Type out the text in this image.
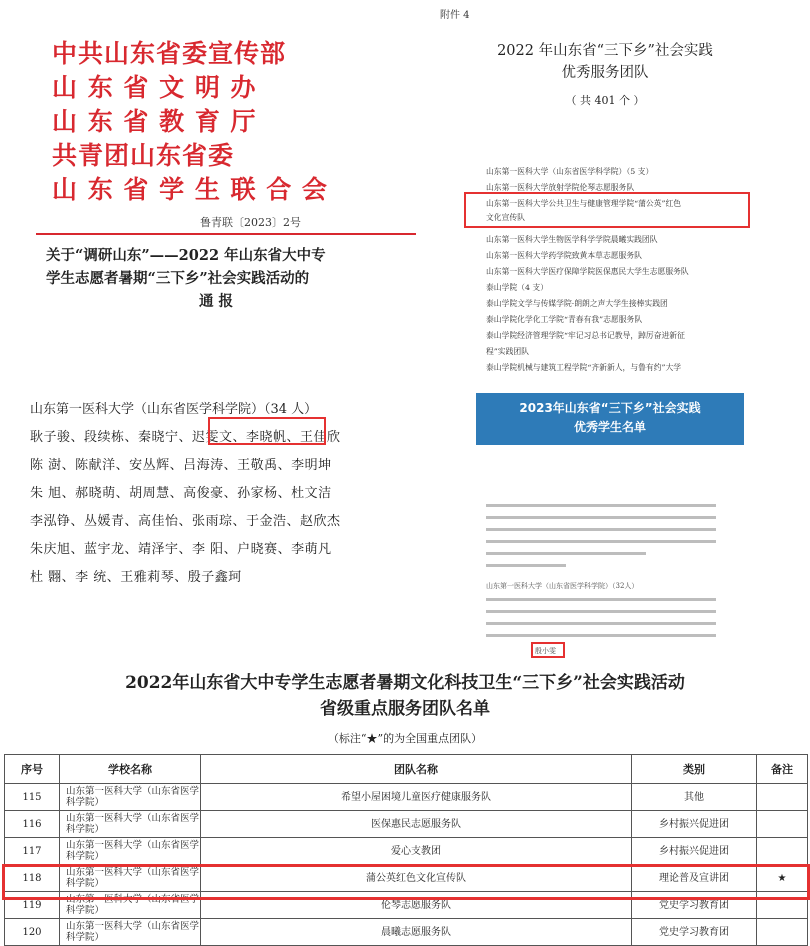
附件 4
中共山东省委宣传部
山 东 省 文 明 办
山 东 省 教 育 厅
共青团山东省委
山 东 省 学 生 联 合 会
鲁青联〔2023〕2号
关于“调研山东”——2022 年山东省大中专
学生志愿者暑期“三下乡”社会实践活动的
通 报
山东第一医科大学（山东省医学科学院）（34 人）
耿子骏、段续栋、秦晓宁、迟雯文、李晓帆、王佳欣
陈 澍、陈献洋、安丛辉、吕海涛、王敬禹、李明坤
朱 旭、郝晓萌、胡周慧、高俊豪、孙家杨、杜文洁
李泓铮、丛媛青、高佳怡、张雨琮、于金浩、赵欣杰
朱庆旭、蓝宇龙、靖泽宇、李 阳、户晓赛、李萌凡
杜 翾、李 统、王雅莉琴、殷子鑫珂
2022 年山东省“三下乡”社会实践
优秀服务团队
（ 共 401 个 ）
山东第一医科大学（山东省医学科学院）（5 支）
山东第一医科大学放射学院伦琴志愿服务队
山东第一医科大学公共卫生与健康管理学院“蒲公英”红色
文化宣传队
山东第一医科大学生物医学科学学院晨曦实践团队
山东第一医科大学药学院致黄本草志愿服务队
山东第一医科大学医疗保障学院医保惠民大学生志愿服务队
泰山学院（4 支）
泰山学院文学与传媒学院·朗朗之声大学生接棒实践团
泰山学院化学化工学院“青春有我”志愿服务队
泰山学院经济管理学院“牢记习总书记教导，踔厉奋进新征
程”实践团队
泰山学院机械与建筑工程学院“齐新新人，与鲁有约”大学
2023年山东省“三下乡”社会实践
优秀学生名单
山东第一医科大学（山东省医学科学院）（32人）
殷小雯
2022年山东省大中专学生志愿者暑期文化科技卫生“三下乡”社会实践活动
省级重点服务团队名单
（标注“★”的为全国重点团队）
序号	学校名称	团队名称	类别	备注
115	山东第一医科大学（山东省医学科学院）	希望小屋困境儿童医疗健康服务队	其他	
116	山东第一医科大学（山东省医学科学院）	医保惠民志愿服务队	乡村振兴促进团	
117	山东第一医科大学（山东省医学科学院）	爱心支教团	乡村振兴促进团	
118	山东第一医科大学（山东省医学科学院）	蒲公英红色文化宣传队	理论普及宣讲团	★
119	山东第一医科大学（山东省医学科学院）	伦琴志愿服务队	党史学习教育团	
120	山东第一医科大学（山东省医学科学院）	晨曦志愿服务队	党史学习教育团	
